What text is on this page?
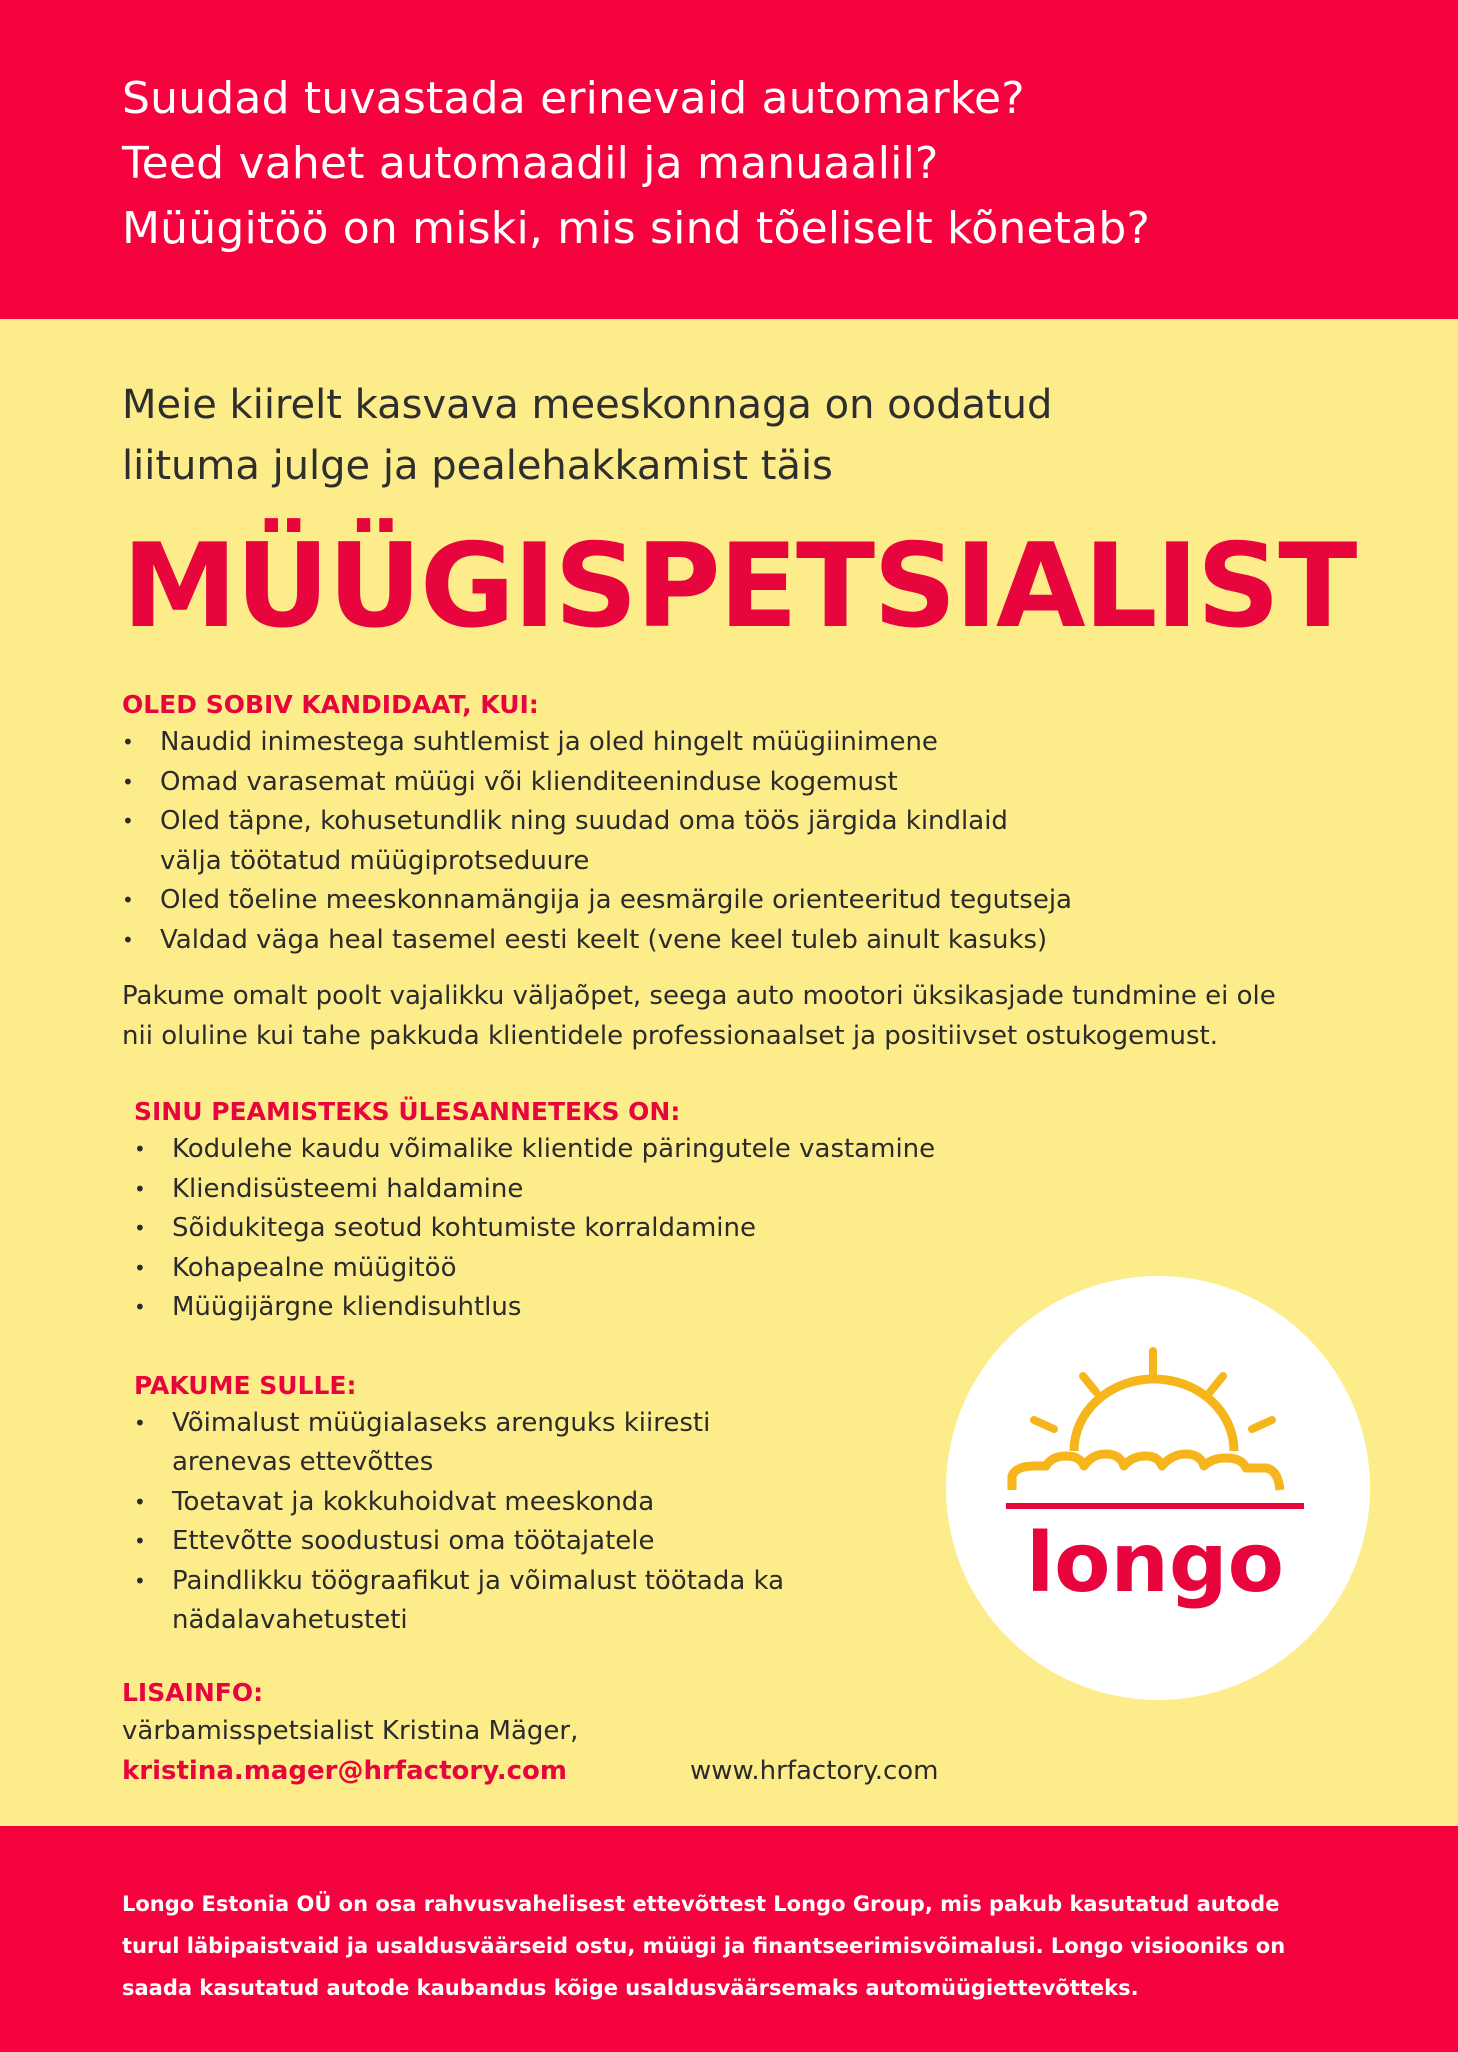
Suudad tuvastada erinevaid automarke?
Teed vahet automaadil ja manuaalil?
Müügitöö on miski, mis sind tõeliselt kõnetab?
Meie kiirelt kasvava meeskonnaga on oodatud
liituma julge ja pealehakkamist täis
MÜÜGISPETSIALIST
OLED SOBIV KANDIDAAT, KUI:
• Naudid inimestega suhtlemist ja oled hingelt müügiinimene
• Omad varasemat müügi või klienditeeninduse kogemust
• Oled täpne, kohusetundlik ning suudad oma töös järgida kindlaid
välja töötatud müügiprotseduure
• Oled tõeline meeskonnamängija ja eesmärgile orienteeritud tegutseja
• Valdad väga heal tasemel eesti keelt (vene keel tuleb ainult kasuks)
Pakume omalt poolt vajalikku väljaõpet, seega auto mootori üksikasjade tundmine ei ole
nii oluline kui tahe pakkuda klientidele professionaalset ja positiivset ostukogemust.
SINU PEAMISTEKS ÜLESANNETEKS ON:
• Kodulehe kaudu võimalike klientide päringutele vastamine
• Kliendisüsteemi haldamine
• Sõidukitega seotud kohtumiste korraldamine
• Kohapealne müügitöö
• Müügijärgne kliendisuhtlus
PAKUME SULLE:
• Võimalust müügialaseks arenguks kiiresti
arenevas ettevõttes
• Toetavat ja kokkuhoidvat meeskonda
• Ettevõtte soodustusi oma töötajatele
• Paindlikku töögraafikut ja võimalust töötada ka
nädalavahetusteti
LISAINFO:
värbamisspetsialist Kristina Mäger,
kristina.mager@hrfactory.com	www.hrfactory.com
longo
Longo Estonia OÜ on osa rahvusvahelisest ettevõttest Longo Group, mis pakub kasutatud autode
turul läbipaistvaid ja usaldusväärseid ostu, müügi ja finantseerimisvõimalusi. Longo visiooniks on
saada kasutatud autode kaubandus kõige usaldusväärsemaks automüügiettevõtteks.
